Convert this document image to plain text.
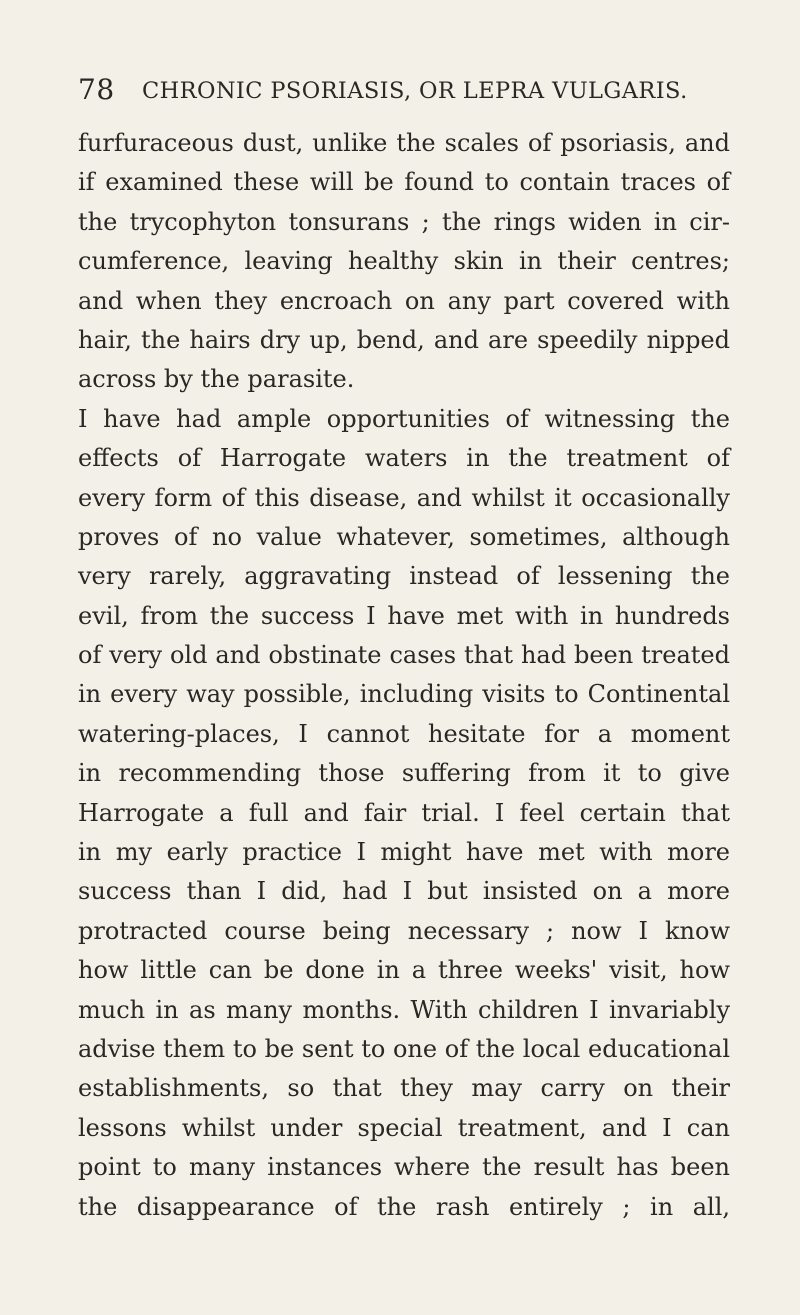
78 CHRONIC PSORIASIS, OR LEPRA VULGARIS.
furfuraceous dust, unlike the scales of psoriasis, and
if examined these will be found to contain traces of
the trycophyton tonsurans ; the rings widen in cir-
cumference, leaving healthy skin in their centres;
and when they encroach on any part covered with
hair, the hairs dry up, bend, and are speedily nipped
across by the parasite.
I have had ample opportunities of witnessing the
effects of Harrogate waters in the treatment of
every form of this disease, and whilst it occasionally
proves of no value whatever, sometimes, although
very rarely, aggravating instead of lessening the
evil, from the success I have met with in hundreds
of very old and obstinate cases that had been treated
in every way possible, including visits to Continental
watering-places, I cannot hesitate for a moment
in recommending those suffering from it to give
Harrogate a full and fair trial. I feel certain that
in my early practice I might have met with more
success than I did, had I but insisted on a more
protracted course being necessary ; now I know
how little can be done in a three weeks' visit, how
much in as many months. With children I invariably
advise them to be sent to one of the local educational
establishments, so that they may carry on their
lessons whilst under special treatment, and I can
point to many instances where the result has been
the disappearance of the rash entirely ; in all,
